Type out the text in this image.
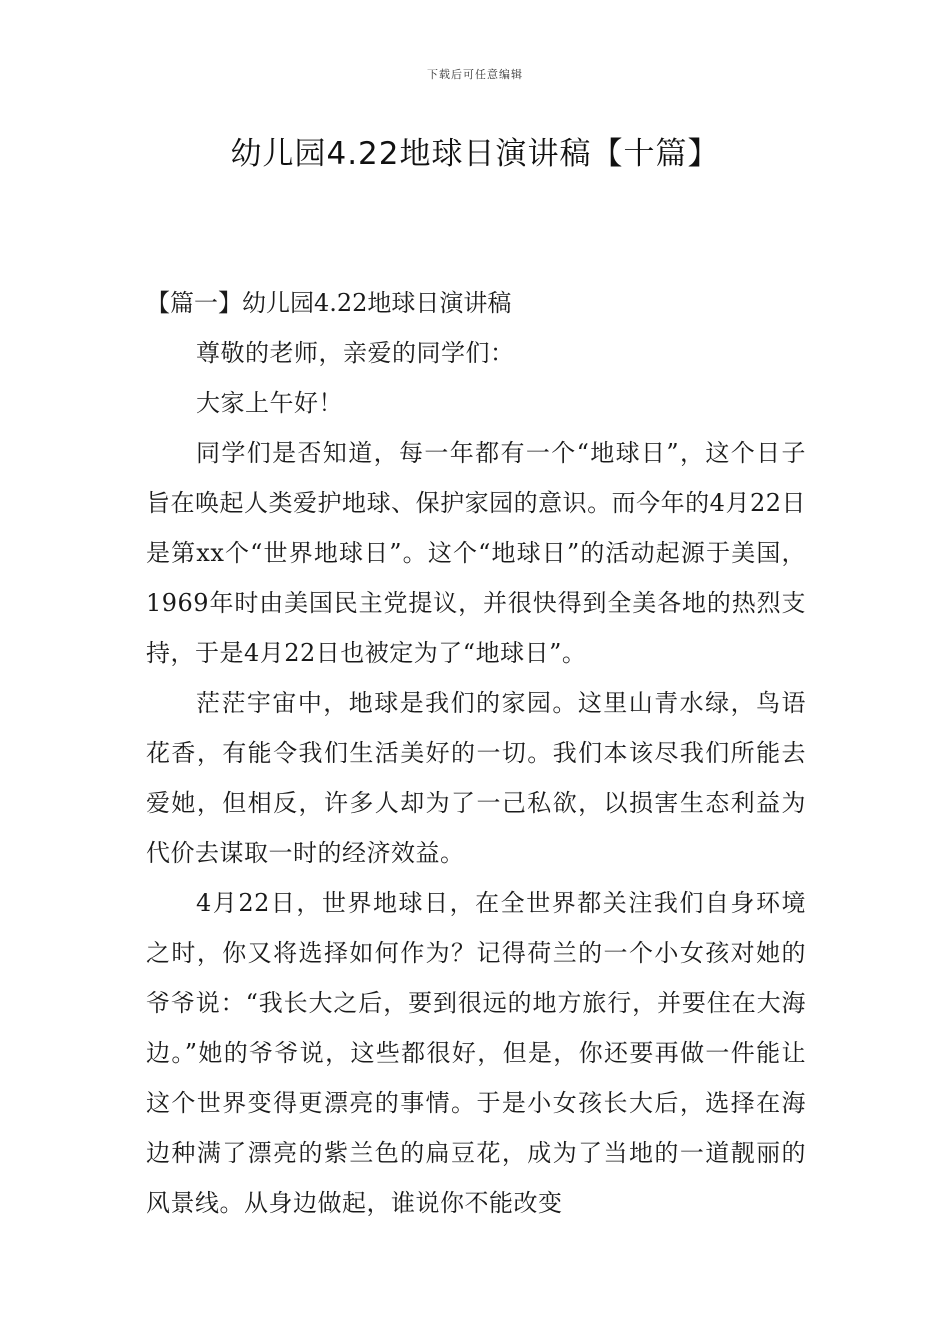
下载后可任意编辑
幼儿园4.22地球日演讲稿【十篇】

【篇一】幼儿园4.22地球日演讲稿

尊敬的老师，亲爱的同学们：

大家上午好！

同学们是否知道，每一年都有一个“地球日”，这个日子旨在唤起人类爱护地球、保护家园的意识。而今年的4月22日是第xx个“世界地球日”。这个“地球日”的活动起源于美国，1969年时由美国民主党提议，并很快得到全美各地的热烈支持，于是4月22日也被定为了“地球日”。

茫茫宇宙中，地球是我们的家园。这里山青水绿，鸟语花香，有能令我们生活美好的一切。我们本该尽我们所能去爱她，但相反，许多人却为了一己私欲，以损害生态利益为代价去谋取一时的经济效益。

4月22日，世界地球日，在全世界都关注我们自身环境之时，你又将选择如何作为？记得荷兰的一个小女孩对她的爷爷说：“我长大之后，要到很远的地方旅行，并要住在大海边。”她的爷爷说，这些都很好，但是，你还要再做一件能让这个世界变得更漂亮的事情。于是小女孩长大后，选择在海边种满了漂亮的紫兰色的扁豆花，成为了当地的一道靓丽的风景线。从身边做起，谁说你不能改变
